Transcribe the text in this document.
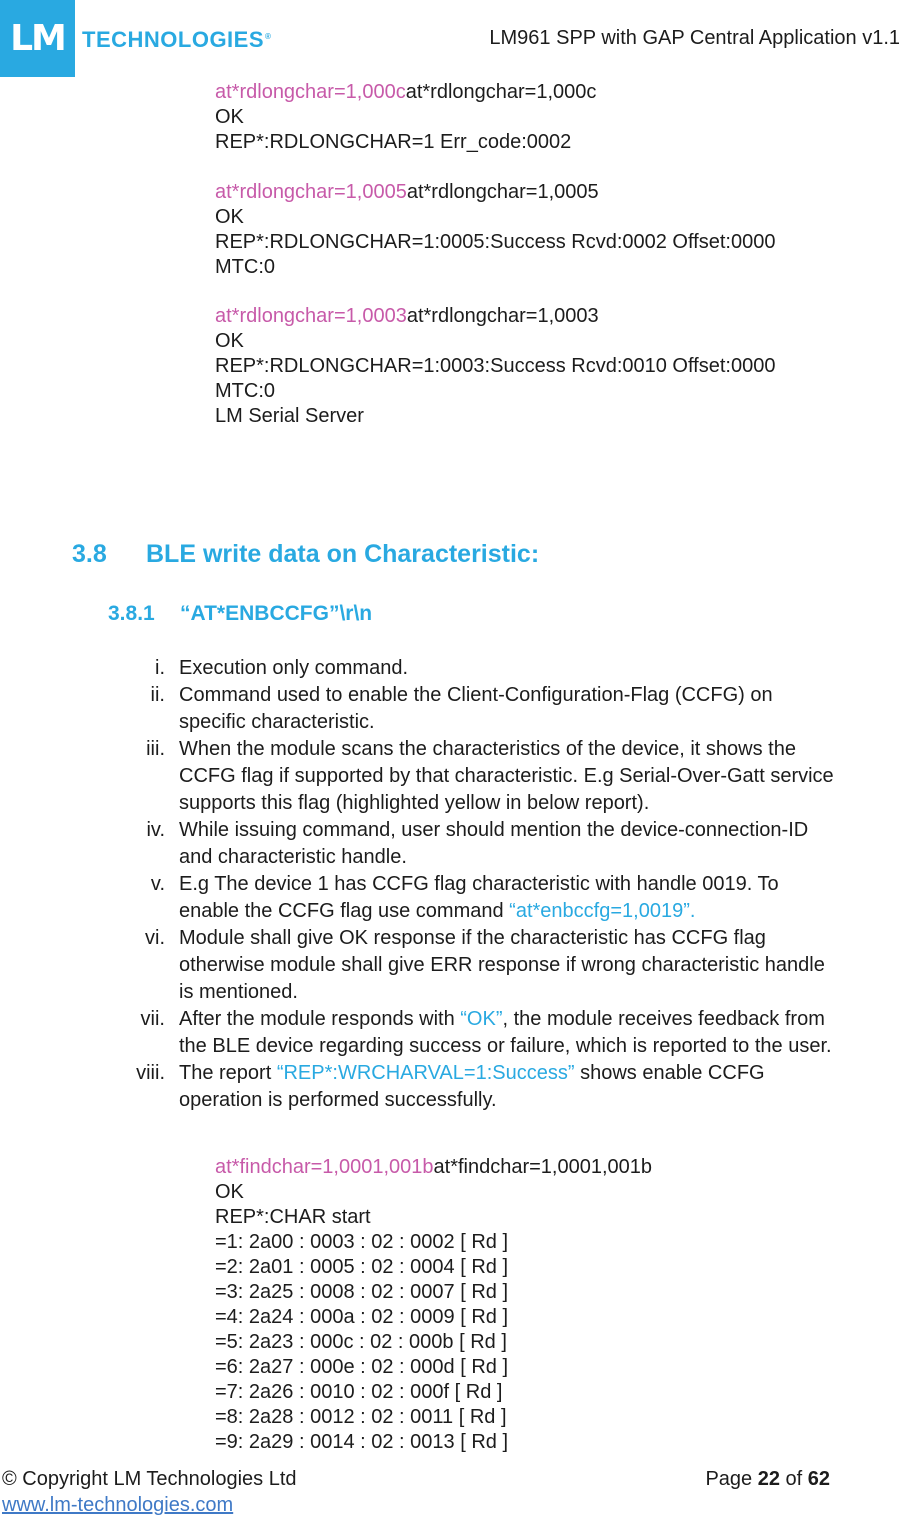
LM TECHNOLOGIES®	LM961 SPP with GAP Central Application v1.1
at*rdlongchar=1,000cat*rdlongchar=1,000c
OK
REP*:RDLONGCHAR=1 Err_code:0002
at*rdlongchar=1,0005at*rdlongchar=1,0005
OK
REP*:RDLONGCHAR=1:0005:Success Rcvd:0002 Offset:0000
MTC:0
at*rdlongchar=1,0003at*rdlongchar=1,0003
OK
REP*:RDLONGCHAR=1:0003:Success Rcvd:0010 Offset:0000
MTC:0
LM Serial Server
3.8 BLE write data on Characteristic:
3.8.1 “AT*ENBCCFG”\r\n
i. Execution only command.
ii. Command used to enable the Client-Configuration-Flag (CCFG) on specific characteristic.
iii. When the module scans the characteristics of the device, it shows the CCFG flag if supported by that characteristic. E.g Serial-Over-Gatt service supports this flag (highlighted yellow in below report).
iv. While issuing command, user should mention the device-connection-ID and characteristic handle.
v. E.g The device 1 has CCFG flag characteristic with handle 0019. To enable the CCFG flag use command “at*enbccfg=1,0019”.
vi. Module shall give OK response if the characteristic has CCFG flag otherwise module shall give ERR response if wrong characteristic handle is mentioned.
vii. After the module responds with “OK”, the module receives feedback from the BLE device regarding success or failure, which is reported to the user.
viii. The report “REP*:WRCHARVAL=1:Success” shows enable CCFG operation is performed successfully.
at*findchar=1,0001,001bat*findchar=1,0001,001b
OK
REP*:CHAR start
=1: 2a00 : 0003 : 02 : 0002 [ Rd ]
=2: 2a01 : 0005 : 02 : 0004 [ Rd ]
=3: 2a25 : 0008 : 02 : 0007 [ Rd ]
=4: 2a24 : 000a : 02 : 0009 [ Rd ]
=5: 2a23 : 000c : 02 : 000b [ Rd ]
=6: 2a27 : 000e : 02 : 000d [ Rd ]
=7: 2a26 : 0010 : 02 : 000f [ Rd ]
=8: 2a28 : 0012 : 02 : 0011 [ Rd ]
=9: 2a29 : 0014 : 02 : 0013 [ Rd ]
© Copyright LM Technologies Ltd
www.lm-technologies.com
Page 22 of 62
